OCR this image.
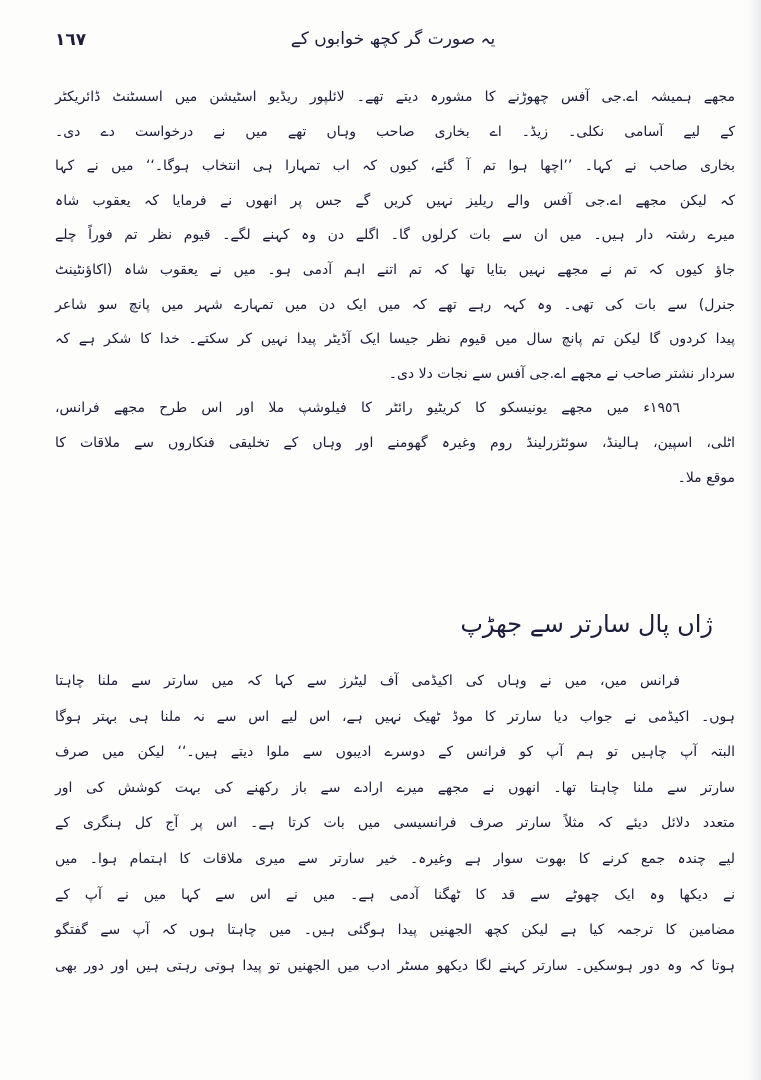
یہ صورت گر کچھ خوابوں کے
١٦٧
مجھے ہمیشہ اے.جی آفس چھوڑنے کا مشورہ دیتے تھے۔ لائلپور ریڈیو اسٹیشن میں اسسٹنٹ ڈائریکٹر
کے لیے آسامی نکلی۔ زیڈ۔ اے بخاری صاحب وہاں تھے میں نے درخواست دے دی۔
بخاری صاحب نے کہا۔ ’’اچھا ہوا تم آ گئے، کیوں کہ اب تمہارا ہی انتخاب ہوگا۔‘‘ میں نے کہا
کہ لیکن مجھے اے.جی آفس والے ریلیز نہیں کریں گے جس پر انھوں نے فرمایا کہ یعقوب شاہ
میرے رشتہ دار ہیں۔ میں ان سے بات کرلوں گا۔ اگلے دن وہ کہنے لگے۔ قیوم نظر تم فوراً چلے
جاؤ کیوں کہ تم نے مجھے نہیں بتایا تھا کہ تم اتنے اہم آدمی ہو۔ میں نے یعقوب شاہ (اکاؤنٹینٹ
جنرل) سے بات کی تھی۔ وہ کہہ رہے تھے کہ میں ایک دن میں تمہارے شہر میں پانچ سو شاعر
پیدا کردوں گا لیکن تم پانچ سال میں قیوم نظر جیسا ایک آڈیٹر پیدا نہیں کر سکتے۔ خدا کا شکر ہے کہ
سردار نشتر صاحب نے مجھے اے.جی آفس سے نجات دلا دی۔
١٩٥٦ء میں مجھے یونیسکو کا کریٹیو رائٹر کا فیلوشپ ملا اور اس طرح مجھے فرانس،
اٹلی، اسپین، ہالینڈ، سوئٹزرلینڈ روم وغیرہ گھومنے اور وہاں کے تخلیقی فنکاروں سے ملاقات کا
موقع ملا۔
ژاں پال سارتر سے جھڑپ
فرانس میں، میں نے وہاں کی اکیڈمی آف لیٹرز سے کہا کہ میں سارتر سے ملنا چاہتا
ہوں۔ اکیڈمی نے جواب دیا سارتر کا موڈ ٹھیک نہیں ہے، اس لیے اس سے نہ ملنا ہی بہتر ہوگا
البتہ آپ چاہیں تو ہم آپ کو فرانس کے دوسرے ادیبوں سے ملوا دیتے ہیں۔‘‘ لیکن میں صرف
سارتر سے ملنا چاہتا تھا۔ انھوں نے مجھے میرے ارادے سے باز رکھنے کی بہت کوشش کی اور
متعدد دلائل دیئے کہ مثلاً سارتر صرف فرانسیسی میں بات کرتا ہے۔ اس پر آج کل ہنگری کے
لیے چندہ جمع کرنے کا بھوت سوار ہے وغیرہ۔ خیر سارتر سے میری ملاقات کا اہتمام ہوا۔ میں
نے دیکھا وہ ایک چھوٹے سے قد کا ٹھگنا آدمی ہے۔ میں نے اس سے کہا میں نے آپ کے
مضامین کا ترجمہ کیا ہے لیکن کچھ الجھنیں پیدا ہوگئی ہیں۔ میں چاہتا ہوں کہ آپ سے گفتگو
ہوتا کہ وہ دور ہوسکیں۔ سارتر کہنے لگا دیکھو مسٹر ادب میں الجھنیں تو پیدا ہوتی رہتی ہیں اور دور بھی
